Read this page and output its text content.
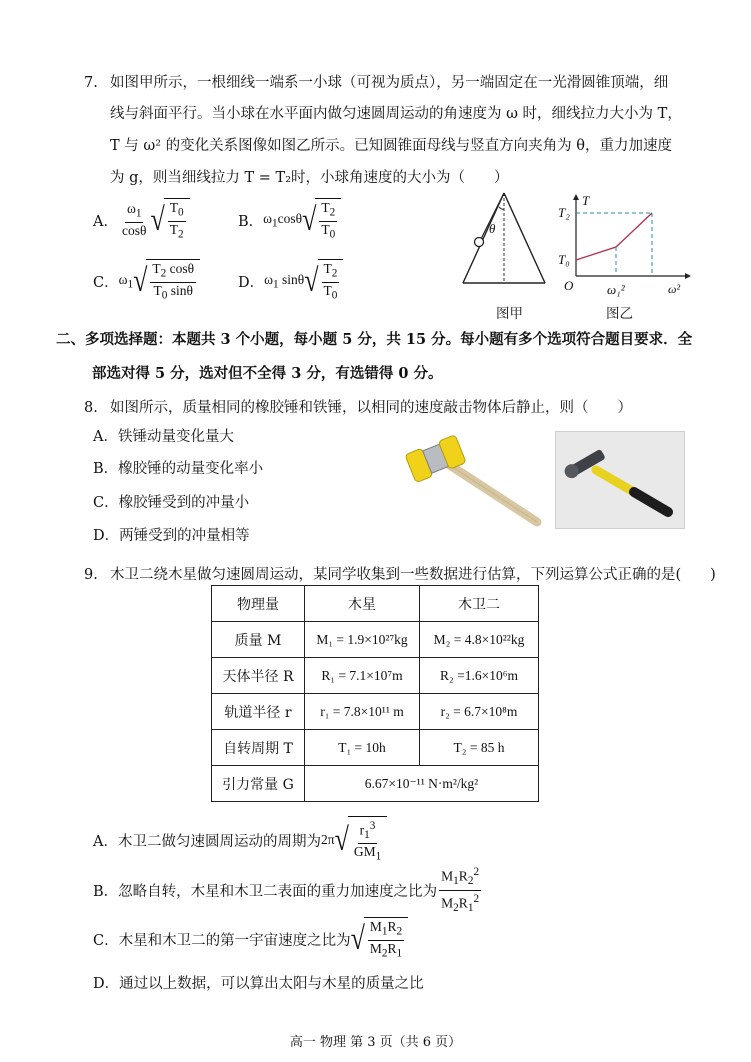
7. 如图甲所示，一根细线一端系一小球（可视为质点），另一端固定在一光滑圆锥顶端，细
线与斜面平行。当小球在水平面内做匀速圆周运动的角速度为 ω 时，细线拉力大小为 T，
T 与 ω² 的变化关系图像如图乙所示。已知圆锥面母线与竖直方向夹角为 θ，重力加速度
为 g，则当细线拉力 T = T₂时，小球角速度的大小为（　　）
A． $\frac{\omega_1}{\cos\theta}$ √ $\frac{T_0}{T_2}$	B． $\omega_1\cos\theta$ √ $\frac{T_2}{T_0}$
C． $\omega_1$ √ $\frac{T_2 \cos\theta}{T_0 \sin\theta}$	D． $\omega_1$ sinθ √ $\frac{T_2}{T_0}$
θ
图甲
T
T₂
T₀
O	ω₁²	ω²
图乙
二、多项选择题：本题共 3 个小题，每小题 5 分，共 15 分。每小题有多个选项符合题目要求．全
部选对得 5 分，选对但不全得 3 分，有选错得 0 分。
8. 如图所示，质量相同的橡胶锤和铁锤，以相同的速度敲击物体后静止，则（　　）
A．铁锤动量变化量大
B．橡胶锤的动量变化率小
C．橡胶锤受到的冲量小
D．两锤受到的冲量相等
9. 木卫二绕木星做匀速圆周运动，某同学收集到一些数据进行估算，下列运算公式正确的是(　　)
物理量	木星	木卫二
质量 M	M₁ = 1.9×10²⁷kg	M₂ = 4.8×10²²kg
天体半径 R	R₁ = 7.1×10⁷m	R₂ =1.6×10⁶m
轨道半径 r	r₁ = 7.8×10¹¹ m	r₂ = 6.7×10⁸m
自转周期 T	T₁ = 10h	T₂ = 85 h
引力常量 G	6.67×10⁻¹¹ N·m²/kg²	
A．木卫二做匀速圆周运动的周期为 2π √ $\frac{r_1^3}{GM_1}$
B．忽略自转，木星和木卫二表面的重力加速度之比为 $\frac{M_1R_2^2}{M_2R_1^2}$
C．木星和木卫二的第一宇宙速度之比为 √ $\frac{M_1R_2}{M_2R_1}$
D．通过以上数据，可以算出太阳与木星的质量之比
高一 物理 第 3 页（共 6 页）
